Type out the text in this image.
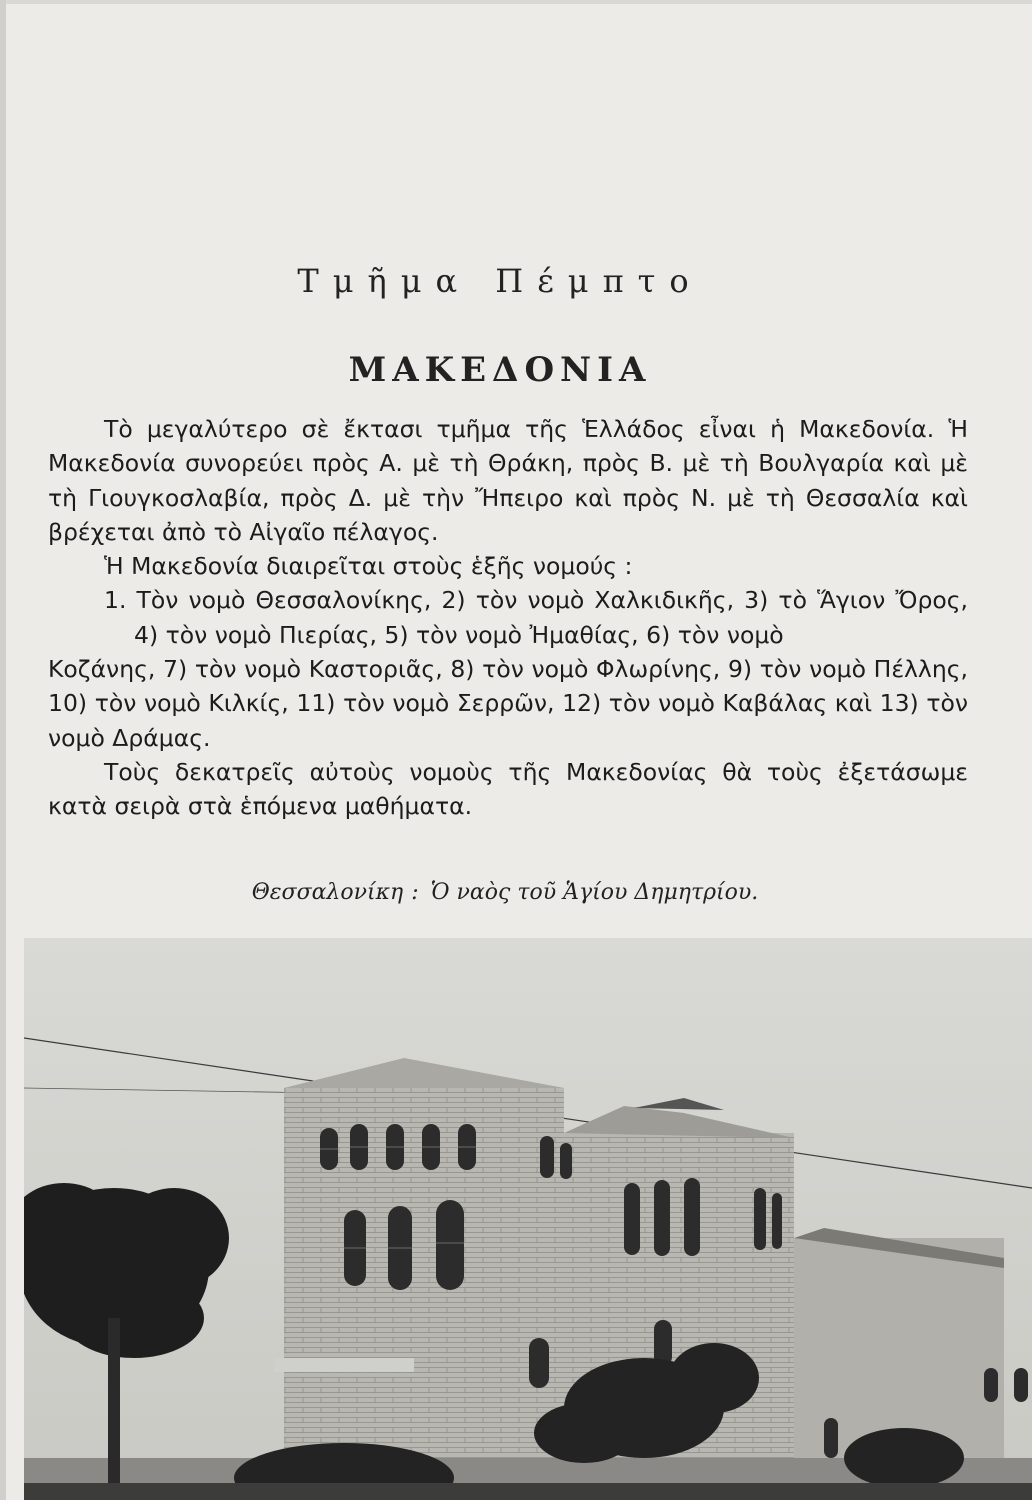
Τμῆμα Πέμπτο
ΜΑΚΕΔΟΝΙΑ

Τὸ μεγαλύτερο σὲ ἔκτασι τμῆμα τῆς Ἑλλάδος εἶναι ἡ Μακεδονία. Ἡ Μακεδονία συνορεύει πρὸς Α. μὲ τὴ Θράκη, πρὸς Β. μὲ τὴ Βουλγαρία καὶ μὲ τὴ Γιουγκοσλαβία, πρὸς Δ. μὲ τὴν Ἤπειρο καὶ πρὸς Ν. μὲ τὴ Θεσσαλία καὶ βρέχεται ἀπὸ τὸ Αἰγαῖο πέλαγος.

Ἡ Μακεδονία διαιρεῖται στοὺς ἑξῆς νομούς :

1. Τὸν νομὸ Θεσσαλονίκης, 2) τὸν νομὸ Χαλκιδικῆς, 3) τὸ Ἅγιον Ὄρος, 4) τὸν νομὸ Πιερίας, 5) τὸν νομὸ Ἠμαθίας, 6) τὸν νομὸ

Κοζάνης, 7) τὸν νομὸ Καστοριᾶς, 8) τὸν νομὸ Φλωρίνης, 9) τὸν νομὸ Πέλλης, 10) τὸν νομὸ Κιλκίς, 11) τὸν νομὸ Σερρῶν, 12) τὸν νομὸ Καβάλας καὶ 13) τὸν νομὸ Δράμας.

Τοὺς δεκατρεῖς αὐτοὺς νομοὺς τῆς Μακεδονίας θὰ τοὺς ἐξετάσωμε κατὰ σειρὰ στὰ ἑπόμενα μαθήματα.

Θεσσαλονίκη : Ὁ ναὸς τοῦ Ἁγίου Δημητρίου.
